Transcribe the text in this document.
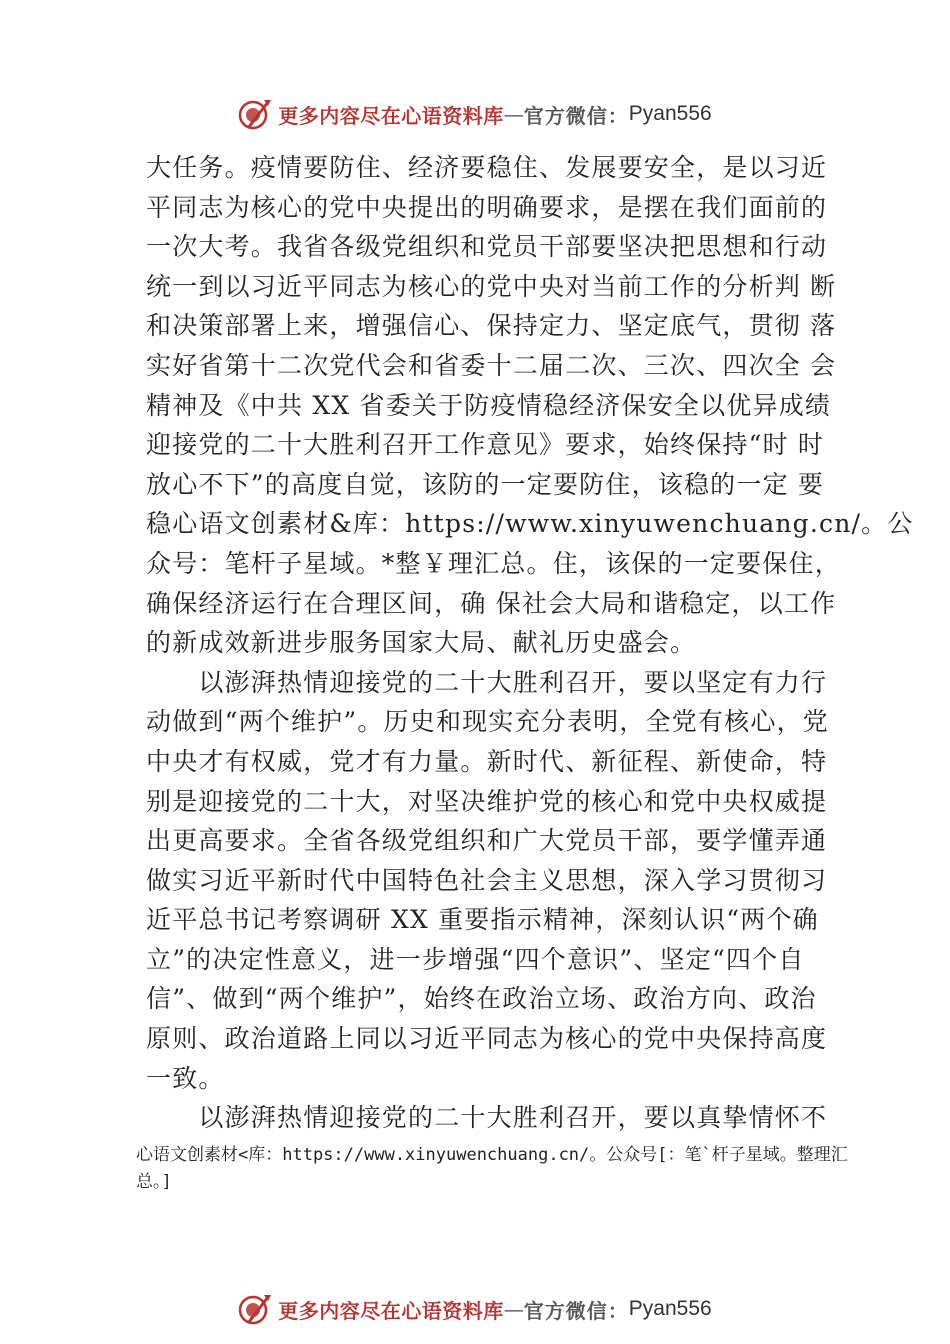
更多内容尽在心语资料库 — 官方微信： Pyan556
大任务。疫情要防住、经济要稳住、发展要安全，是以习近
平同志为核心的党中央提出的明确要求，是摆在我们面前的
一次大考。我省各级党组织和党员干部要坚决把思想和行动
统一到以习近平同志为核心的党中央对当前工作的分析判 断
和决策部署上来，增强信心、保持定力、坚定底气，贯彻 落
实好省第十二次党代会和省委十二届二次、三次、四次全 会
精神及《中共 XX 省委关于防疫情稳经济保安全以优异成绩
迎接党的二十大胜利召开工作意见》要求，始终保持“时 时
放心不下”的高度自觉，该防的一定要防住，该稳的一定 要
稳心语文创素材&库：https://www.xinyuwenchuang.cn/。公
众号：笔杆子星域。*整￥理汇总。住，该保的一定要保住，
确保经济运行在合理区间，确 保社会大局和谐稳定，以工作
的新成效新进步服务国家大局、献礼历史盛会。
　　以澎湃热情迎接党的二十大胜利召开，要以坚定有力行
动做到“两个维护”。历史和现实充分表明，全党有核心，党
中央才有权威，党才有力量。新时代、新征程、新使命，特
别是迎接党的二十大，对坚决维护党的核心和党中央权威提
出更高要求。全省各级党组织和广大党员干部，要学懂弄通
做实习近平新时代中国特色社会主义思想，深入学习贯彻习
近平总书记考察调研 XX 重要指示精神，深刻认识“两个确
立”的决定性意义，进一步增强“四个意识”、坚定“四个自
信”、做到“两个维护”，始终在政治立场、政治方向、政治
原则、政治道路上同以习近平同志为核心的党中央保持高度
一致。
　　以澎湃热情迎接党的二十大胜利召开，要以真挚情怀不
心语文创素材<库：https://www.xinyuwenchuang.cn/。公众号[：笔`杆子星域。整理汇
总。]
更多内容尽在心语资料库 — 官方微信： Pyan556
